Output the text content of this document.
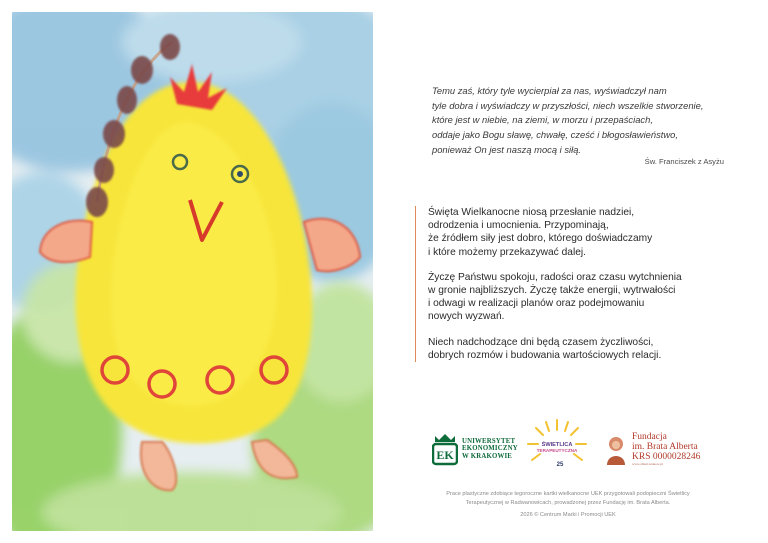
Temu zaś, który tyle wycierpiał za nas, wyświadczył nam
tyle dobra i wyświadczy w przyszłości, niech wszelkie stworzenie,
które jest w niebie, na ziemi, w morzu i przepaściach,
oddaje jako Bogu sławę, chwałę, cześć i błogosławieństwo,
ponieważ On jest naszą mocą i siłą.
Św. Franciszek z Asyżu

Święta Wielkanocne niosą przesłanie nadziei,
odrodzenia i umocnienia. Przypominają,
że źródłem siły jest dobro, którego doświadczamy
i które możemy przekazywać dalej.

Życzę Państwu spokoju, radości oraz czasu wytchnienia
w gronie najbliższych. Życzę także energii, wytrwałości
i odwagi w realizacji planów oraz podejmowaniu
nowych wyzwań.

Niech nadchodzące dni będą czasem życzliwości,
dobrych rozmów i budowania wartościowych relacji.

EK
UNIWERSYTET
EKONOMICZNY
W KRAKOWIE
ŚWIETLICA
TERAPEUTYCZNA
25
Fundacja
im. Brata Alberta
KRS 0000028246
www.albert.krakow.pl
Prace plastyczne zdobiące tegoroczne kartki wielkanocne UEK przygotowali podopieczni Świetlicy
Terapeutycznej w Radwanowicach, prowadzonej przez Fundację im. Brata Alberta.
2026 © Centrum Marki i Promocji UEK
